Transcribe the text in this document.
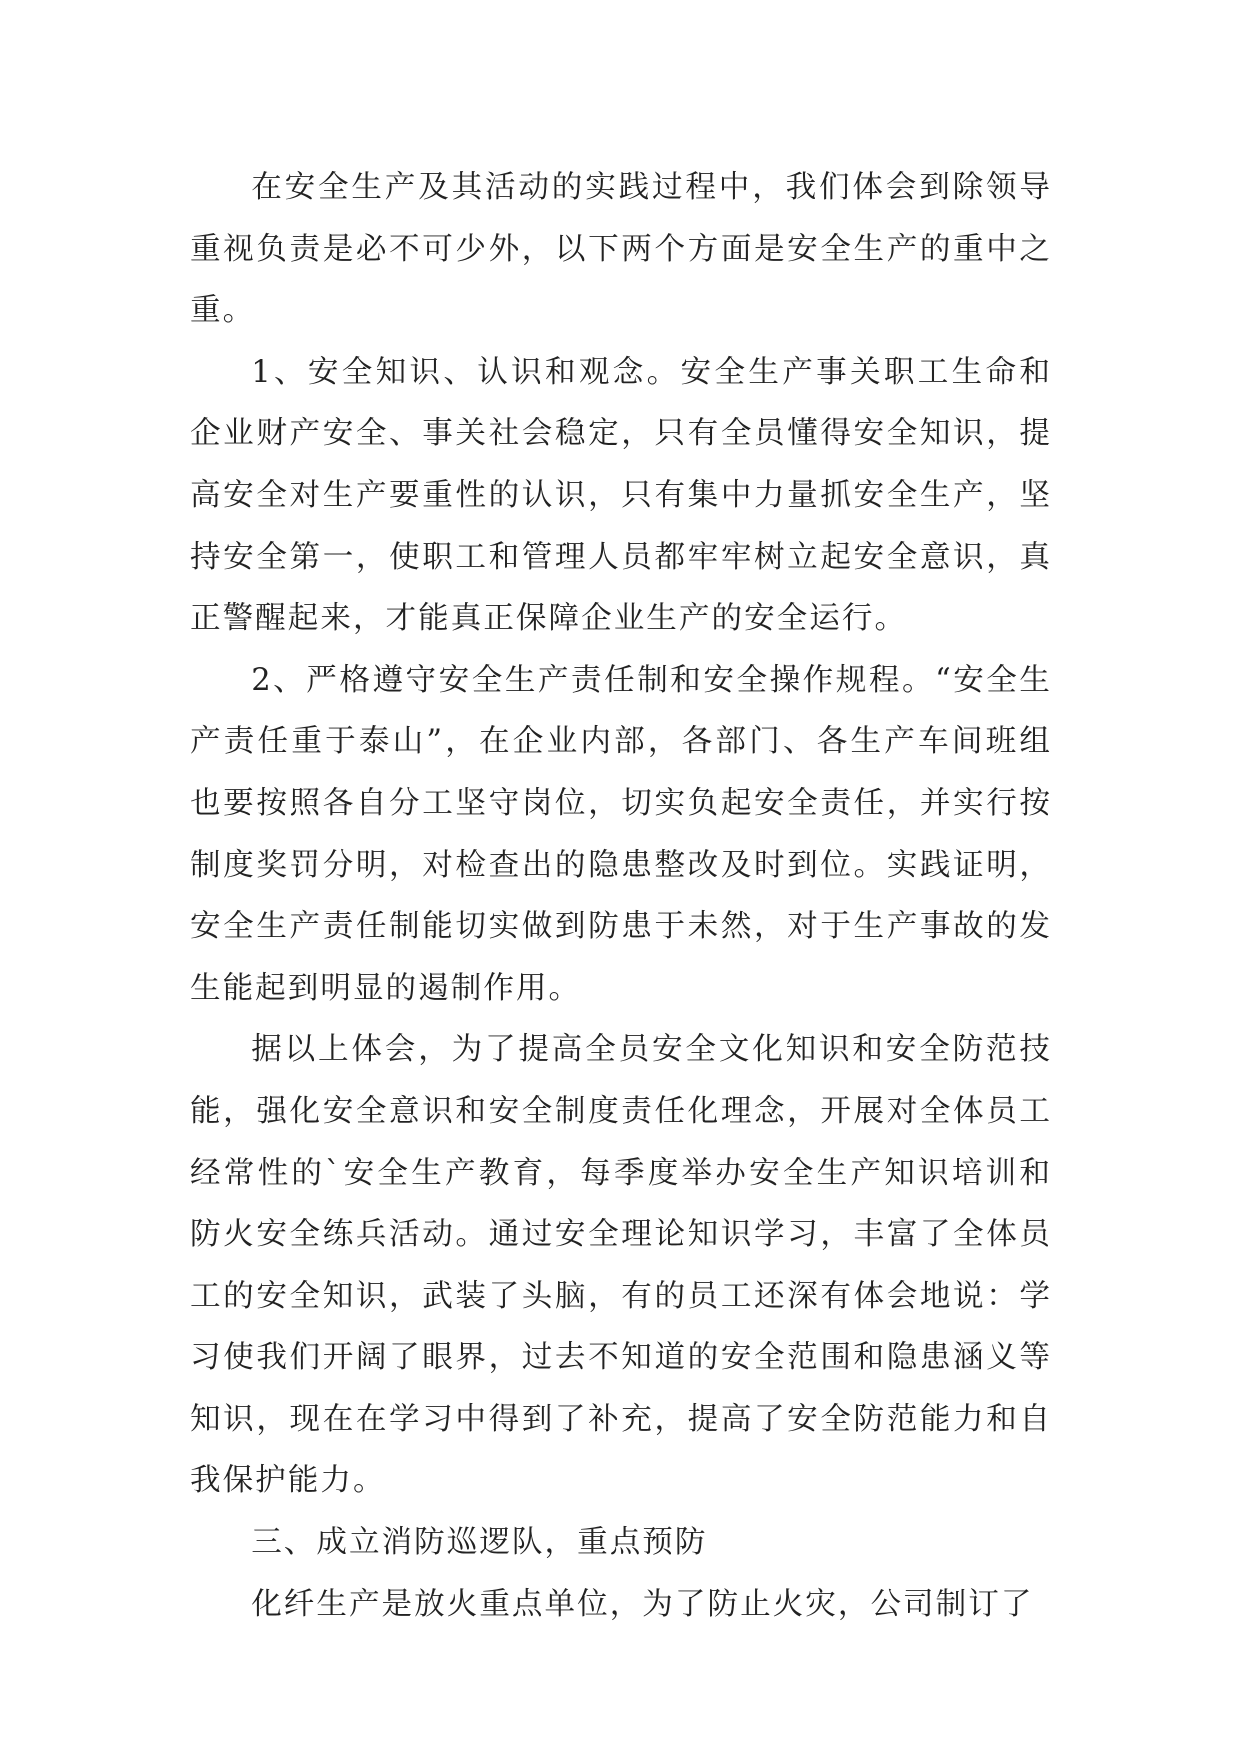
在安全生产及其活动的实践过程中，我们体会到除领导重视负责是必不可少外，以下两个方面是安全生产的重中之重。

1、安全知识、认识和观念。安全生产事关职工生命和企业财产安全、事关社会稳定，只有全员懂得安全知识，提高安全对生产要重性的认识，只有集中力量抓安全生产，坚持安全第一，使职工和管理人员都牢牢树立起安全意识，真正警醒起来，才能真正保障企业生产的安全运行。

2、严格遵守安全生产责任制和安全操作规程。“安全生产责任重于泰山”，在企业内部，各部门、各生产车间班组也要按照各自分工坚守岗位，切实负起安全责任，并实行按制度奖罚分明，对检查出的隐患整改及时到位。实践证明，安全生产责任制能切实做到防患于未然，对于生产事故的发生能起到明显的遏制作用。

据以上体会，为了提高全员安全文化知识和安全防范技能，强化安全意识和安全制度责任化理念，开展对全体员工经常性的`安全生产教育，每季度举办安全生产知识培训和防火安全练兵活动。通过安全理论知识学习，丰富了全体员工的安全知识，武装了头脑，有的员工还深有体会地说：学习使我们开阔了眼界，过去不知道的安全范围和隐患涵义等知识，现在在学习中得到了补充，提高了安全防范能力和自我保护能力。

三、成立消防巡逻队，重点预防

化纤生产是放火重点单位，为了防止火灾，公司制订了
